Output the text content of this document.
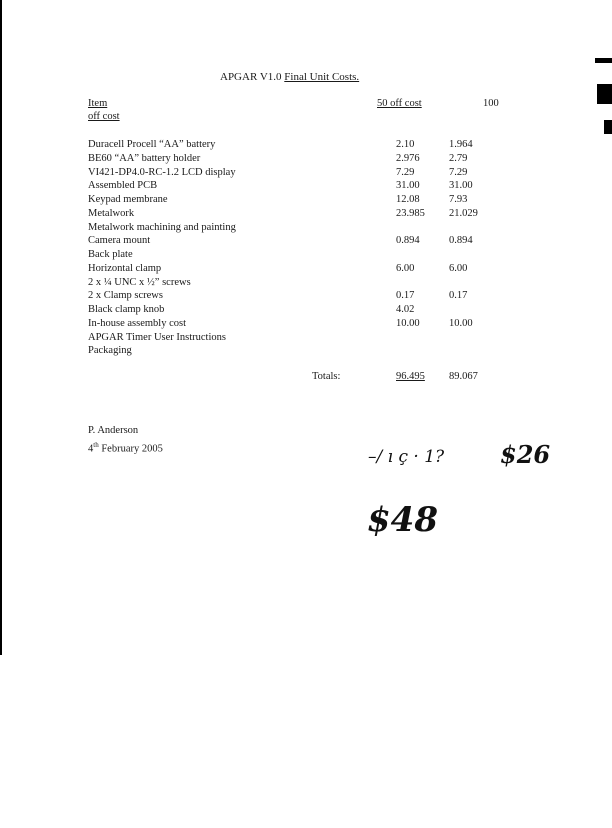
APGAR V1.0 Final Unit Costs.
Item	50 off cost	100
off cost
Duracell Procell “AA” battery	2.10	1.964
BE60 “AA” battery holder	2.976	2.79
VI421-DP4.0-RC-1.2 LCD display	7.29	7.29
Assembled PCB	31.00	31.00
Keypad membrane	12.08	7.93
Metalwork	23.985 21.029
Metalwork machining and painting
Camera mount	0.894	0.894
Back plate
Horizontal clamp	6.00	6.00
2 x ¼ UNC x ½” screws
2 x Clamp screws	0.17	0.17
Black clamp knob	4.02
In-house assembly cost	10.00	10.00
APGAR Timer User Instructions
Packaging
Totals:	96.495 89.067
P. Anderson
4th February 2005	–/ ı ç · 1? $26
$48
